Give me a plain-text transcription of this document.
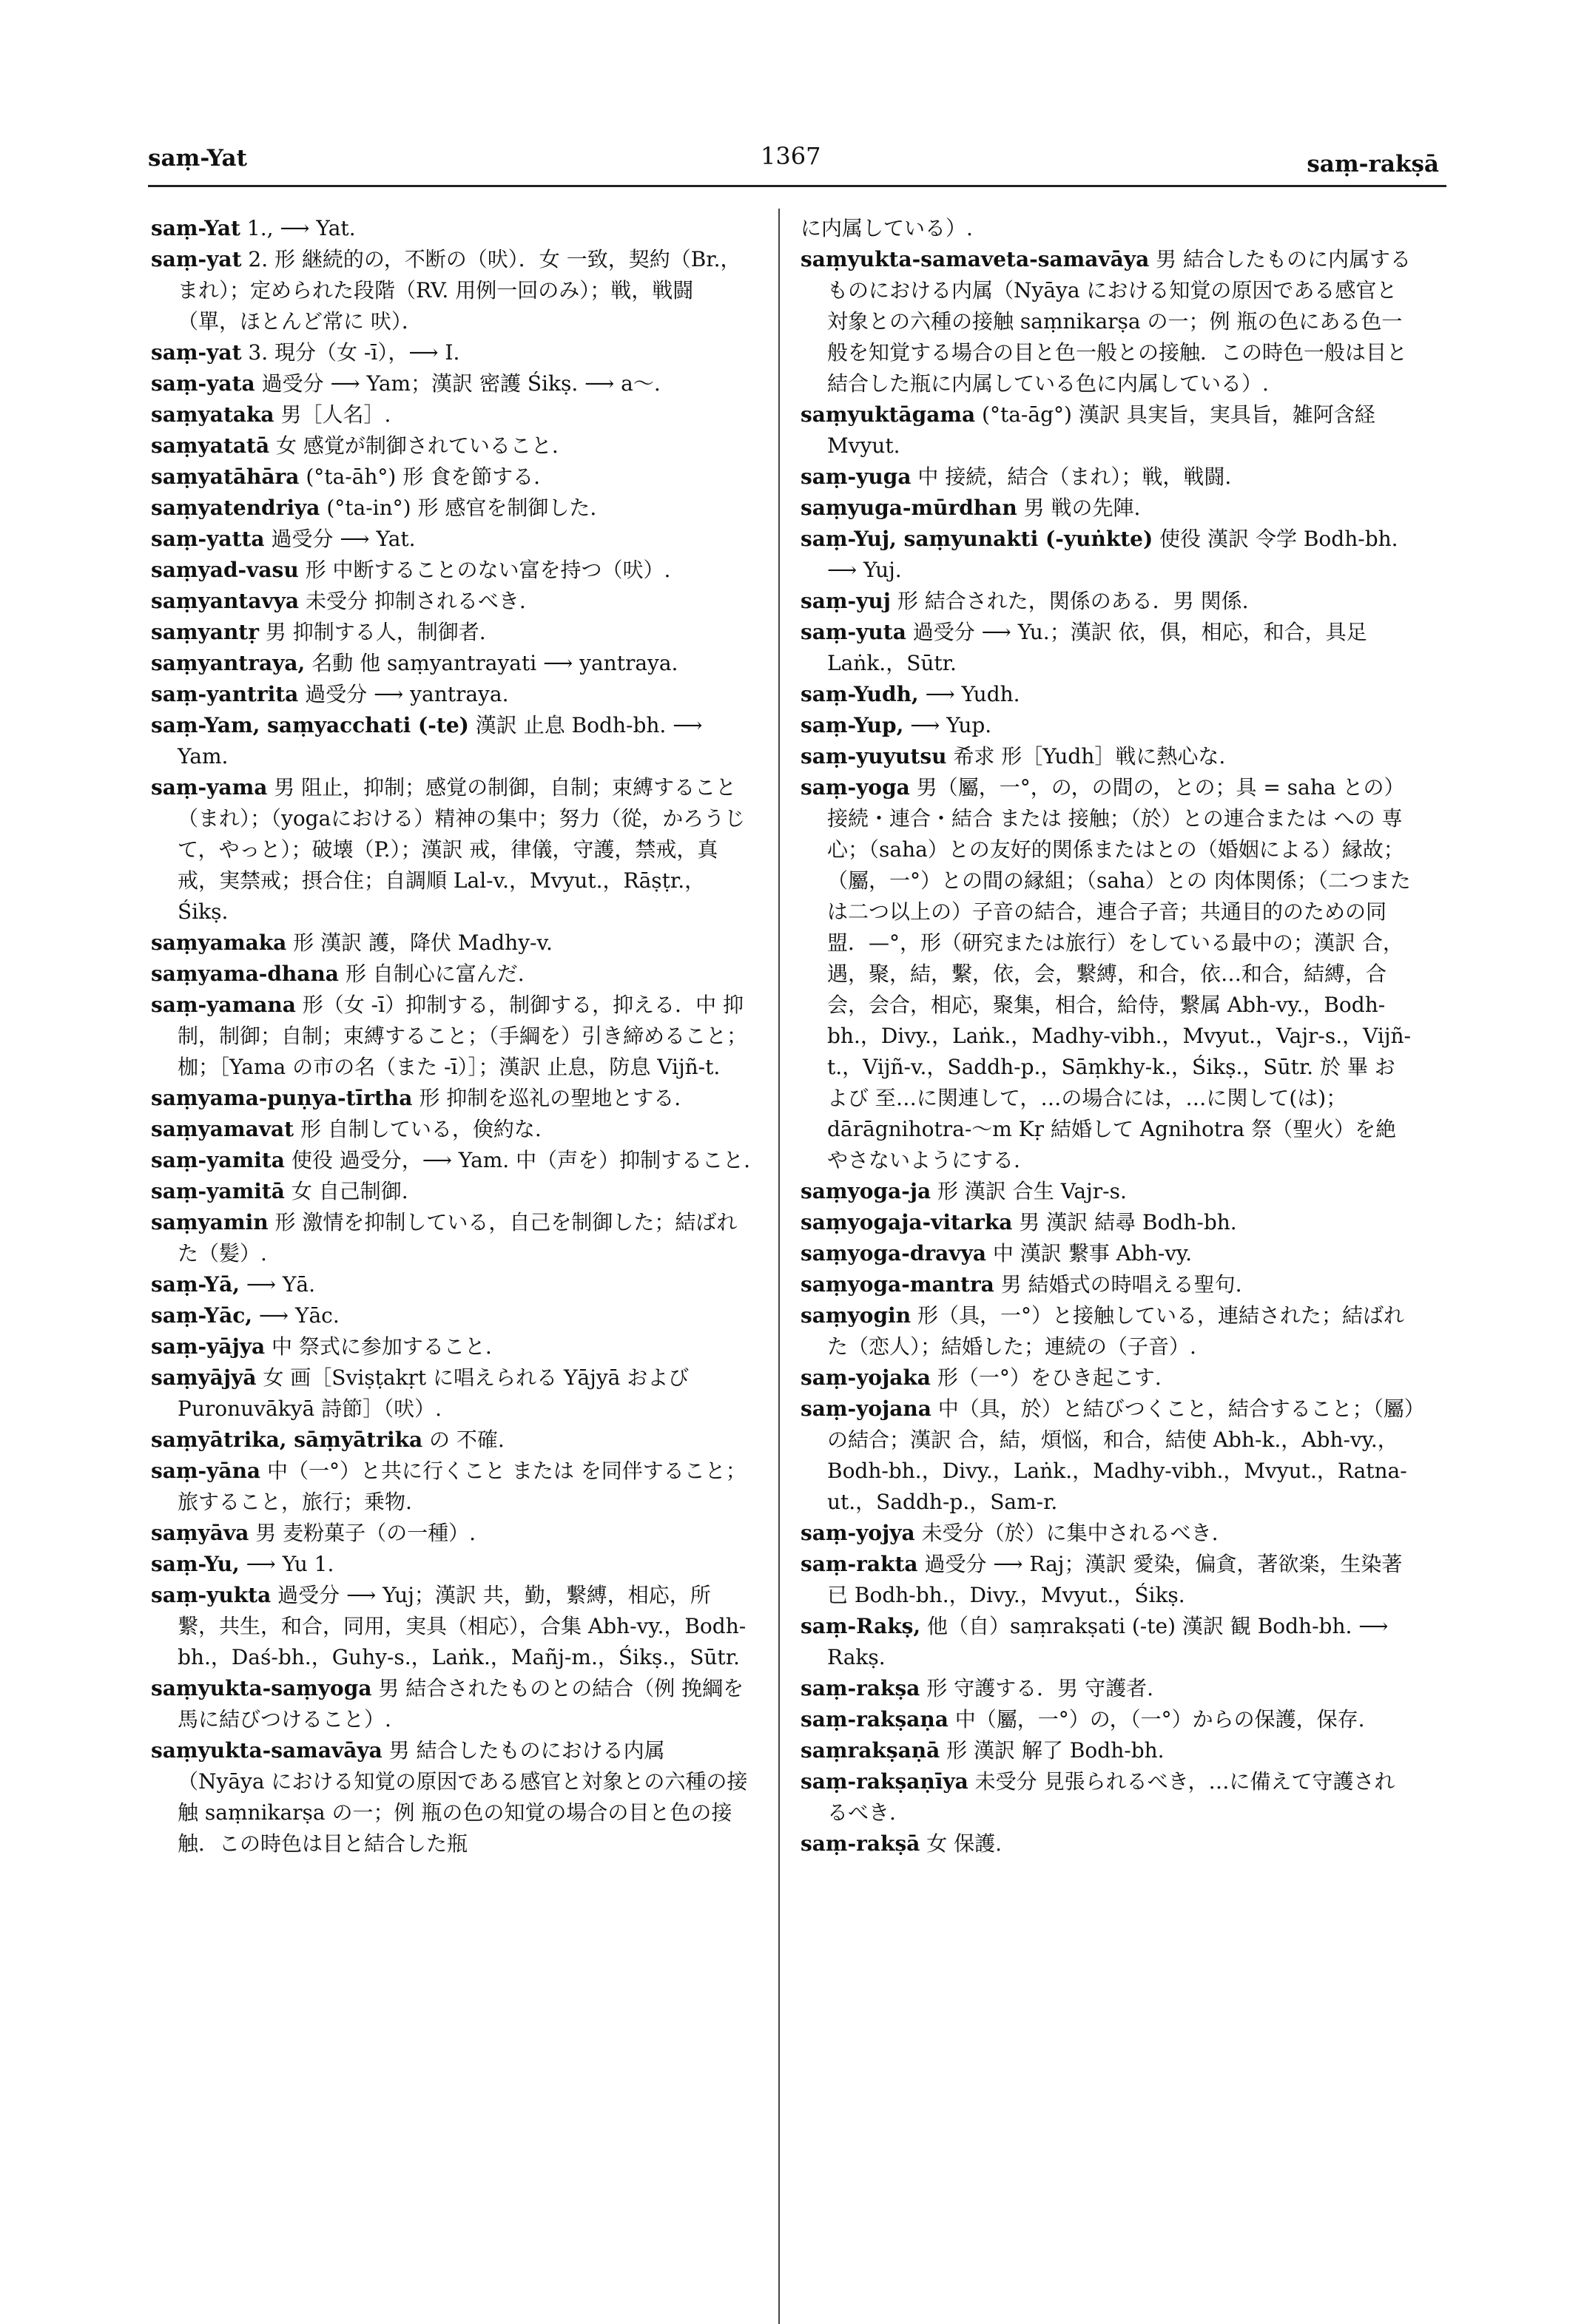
saṃ-Yat	1367	saṃ-rakṣā

saṃ-Yat 1., ⟶ Yat.

saṃ-yat 2. 形 継続的の，不断の（吠）．女 一致，契約（Br.，まれ）；定められた段階（RV. 用例一回のみ）；戦，戦闘（單，ほとんど常に 吠）．

saṃ-yat 3. 現分（女 -ī），⟶ I.

saṃ-yata 過受分 ⟶ Yam；漢訳 密護 Śikṣ. ⟶ a～.

saṃyataka 男［人名］.

saṃyatatā 女 感覚が制御されていること.

saṃyatāhāra (°ta-āh°) 形 食を節する.

saṃyatendriya (°ta-in°) 形 感官を制御した.

saṃ-yatta 過受分 ⟶ Yat.

saṃyad-vasu 形 中断することのない富を持つ（吠）.

saṃyantavya 未受分 抑制されるべき.

saṃyantṛ 男 抑制する人，制御者.

saṃyantraya, 名動 他 saṃyantrayati ⟶ yantraya.

saṃ-yantrita 過受分 ⟶ yantraya.

saṃ-Yam, saṃyacchati (-te) 漢訳 止息 Bodh-bh. ⟶ Yam.

saṃ-yama 男 阻止，抑制；感覚の制御，自制；束縛すること（まれ）；（yogaにおける）精神の集中；努力（從，かろうじて，やっと）；破壊（P.）；漢訳 戒，律儀，守護，禁戒，真戒，実禁戒；摂合住；自調順 Lal-v.，Mvyut.，Rāṣṭr.，Śikṣ.

saṃyamaka 形 漢訳 護，降伏 Madhy-v.

saṃyama-dhana 形 自制心に富んだ.

saṃ-yamana 形（女 -ī）抑制する，制御する，抑える．中 抑制，制御；自制；束縛すること；（手綱を）引き締めること；枷；［Yama の市の名（また -ī）］；漢訳 止息，防息 Vijñ-t.

saṃyama-puṇya-tīrtha 形 抑制を巡礼の聖地とする.

saṃyamavat 形 自制している，倹約な.

saṃ-yamita 使役 過受分，⟶ Yam. 中（声を）抑制すること.

saṃ-yamitā 女 自己制御.

saṃyamin 形 激情を抑制している，自己を制御した；結ばれた（髪）.

saṃ-Yā, ⟶ Yā.

saṃ-Yāc, ⟶ Yāc.

saṃ-yājya 中 祭式に参加すること.

saṃyājyā 女 画［Sviṣṭakṛt に唱えられる Yājyā および Puronuvākyā 詩節］（吠）.

saṃyātrika, sāṃyātrika の 不確.

saṃ-yāna 中（一°）と共に行くこと または を同伴すること；旅すること，旅行；乗物.

saṃyāva 男 麦粉菓子（の一種）.

saṃ-Yu, ⟶ Yu 1.

saṃ-yukta 過受分 ⟶ Yuj；漢訳 共，勤，繋縛，相応，所繋，共生，和合，同用，実具（相応），合集 Abh-vy.，Bodh-bh.，Daś-bh.，Guhy-s.，Laṅk.，Mañj-m.，Śikṣ.，Sūtr.

saṃyukta-saṃyoga 男 結合されたものとの結合（例 挽綱を馬に結びつけること）.

saṃyukta-samavāya 男 結合したものにおける内属（Nyāya における知覚の原因である感官と対象との六種の接触 saṃnikarṣa の一；例 瓶の色の知覚の場合の目と色の接触．この時色は目と結合した瓶

に内属している）.

saṃyukta-samaveta-samavāya 男 結合したものに内属するものにおける内属（Nyāya における知覚の原因である感官と対象との六種の接触 saṃnikarṣa の一；例 瓶の色にある色一般を知覚する場合の目と色一般との接触．この時色一般は目と結合した瓶に内属している色に内属している）.

saṃyuktāgama (°ta-āg°) 漢訳 具実旨，実具旨，雑阿含経 Mvyut.

saṃ-yuga 中 接続，結合（まれ）；戦，戦闘.

saṃyuga-mūrdhan 男 戦の先陣.

saṃ-Yuj, saṃyunakti (-yuṅkte) 使役 漢訳 令学 Bodh-bh. ⟶ Yuj.

saṃ-yuj 形 結合された，関係のある．男 関係.

saṃ-yuta 過受分 ⟶ Yu.；漢訳 依，俱，相応，和合，具足 Laṅk.，Sūtr.

saṃ-Yudh, ⟶ Yudh.

saṃ-Yup, ⟶ Yup.

saṃ-yuyutsu 希求 形［Yudh］戦に熱心な.

saṃ-yoga 男（屬，一°，の，の間の，との；具 = saha との）接続・連合・結合 または 接触；（於）との連合または への 専心；（saha）との友好的関係またはとの（婚姻による）縁故；（屬，一°）との間の縁組；（saha）との 肉体関係；（二つまたは二つ以上の）子音の結合，連合子音；共通目的のための同盟．—°，形（研究または旅行）をしている最中の；漢訳 合，遇，聚，結，繫，依，会，繋縛，和合，依…和合，結縛，合会，会合，相応，聚集，相合，給侍，繋属 Abh-vy.，Bodh-bh.，Divy.，Laṅk.，Madhy-vibh.，Mvyut.，Vajr-s.，Vijñ-t.，Vijñ-v.，Saddh-p.，Sāṃkhy-k.，Śikṣ.，Sūtr. 於 畢 および 至…に関連して，…の場合には，…に関して(は)；dārāgnihotra-～m Kṛ 結婚して Agnihotra 祭（聖火）を絶やさないようにする.

saṃyoga-ja 形 漢訳 合生 Vajr-s.

saṃyogaja-vitarka 男 漢訳 結尋 Bodh-bh.

saṃyoga-dravya 中 漢訳 繋事 Abh-vy.

saṃyoga-mantra 男 結婚式の時唱える聖句.

saṃyogin 形（具，一°）と接触している，連結された；結ばれた（恋人）；結婚した；連続の（子音）.

saṃ-yojaka 形（一°）をひき起こす.

saṃ-yojana 中（具，於）と結びつくこと，結合すること；（屬）の結合；漢訳 合，結，煩悩，和合，結使 Abh-k.，Abh-vy.，Bodh-bh.，Divy.，Laṅk.，Madhy-vibh.，Mvyut.，Ratna-ut.，Saddh-p.，Sam-r.

saṃ-yojya 未受分（於）に集中されるべき.

saṃ-rakta 過受分 ⟶ Raj；漢訳 愛染，偏貪，著欲楽，生染著已 Bodh-bh.，Divy.，Mvyut.，Śikṣ.

saṃ-Rakṣ, 他（自）saṃrakṣati (-te) 漢訳 観 Bodh-bh. ⟶ Rakṣ.

saṃ-rakṣa 形 守護する．男 守護者.

saṃ-rakṣaṇa 中（屬，一°）の，（一°）からの保護，保存.

saṃrakṣaṇā 形 漢訳 解了 Bodh-bh.

saṃ-rakṣaṇīya 未受分 見張られるべき，…に備えて守護されるべき.

saṃ-rakṣā 女 保護.
